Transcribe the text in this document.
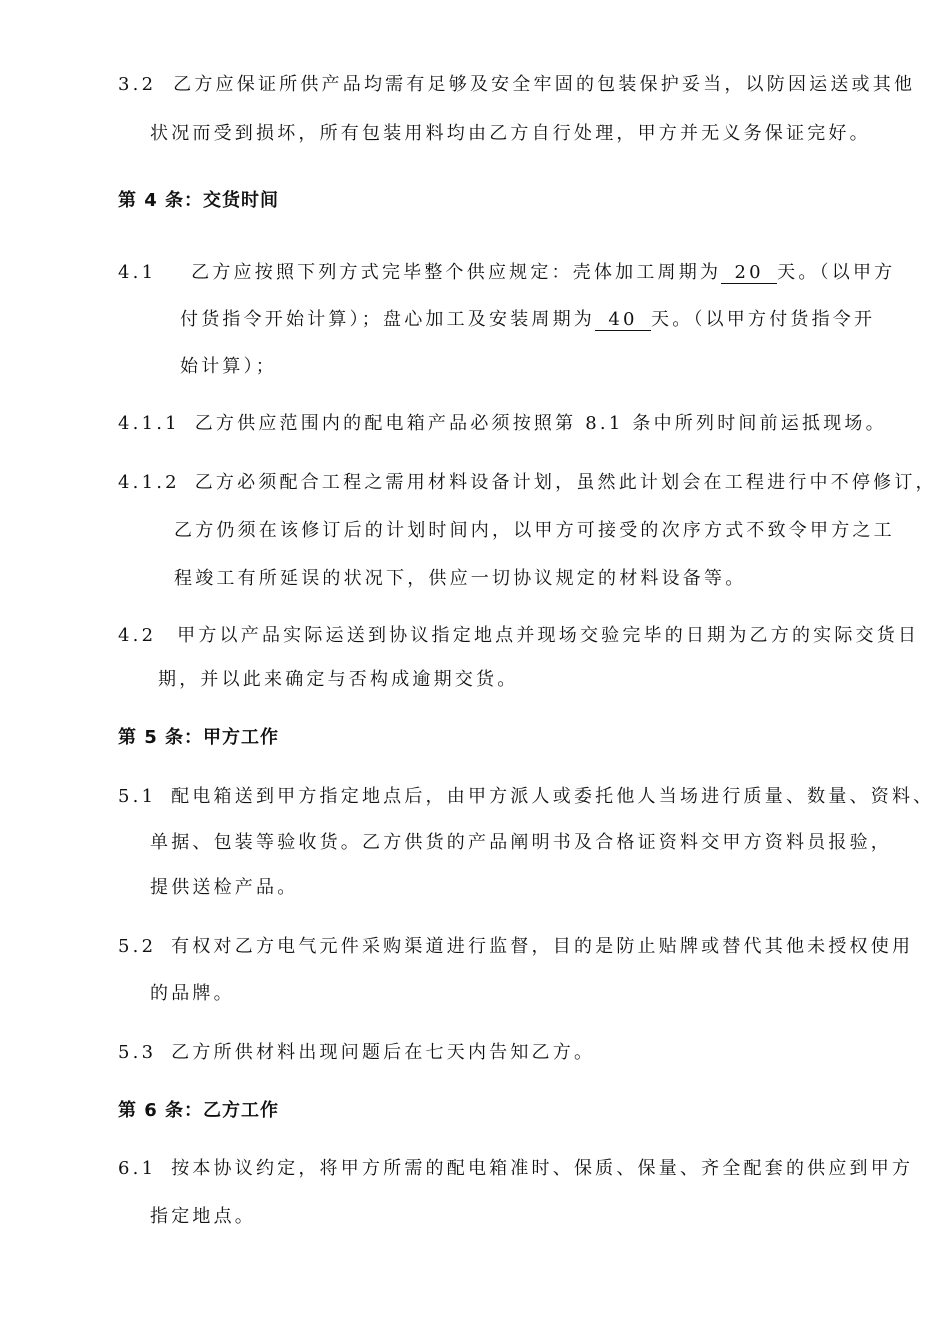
3.2 乙方应保证所供产品均需有足够及安全牢固的包装保护妥当，以防因运送或其他
状况而受到损坏，所有包装用料均由乙方自行处理，甲方并无义务保证完好。
第 4 条：交货时间
4.1 乙方应按照下列方式完毕整个供应规定：壳体加工周期为 20 天。（以甲方
付货指令开始计算）；盘心加工及安装周期为 40 天。（以甲方付货指令开
始计算）；
4.1.1 乙方供应范围内的配电箱产品必须按照第 8.1 条中所列时间前运抵现场。
4.1.2 乙方必须配合工程之需用材料设备计划，虽然此计划会在工程进行中不停修订，
乙方仍须在该修订后的计划时间内，以甲方可接受的次序方式不致令甲方之工
程竣工有所延误的状况下，供应一切协议规定的材料设备等。
4.2 甲方以产品实际运送到协议指定地点并现场交验完毕的日期为乙方的实际交货日
期，并以此来确定与否构成逾期交货。
第 5 条：甲方工作
5.1 配电箱送到甲方指定地点后，由甲方派人或委托他人当场进行质量、数量、资料、
单据、包装等验收货。乙方供货的产品阐明书及合格证资料交甲方资料员报验，
提供送检产品。
5.2 有权对乙方电气元件采购渠道进行监督，目的是防止贴牌或替代其他未授权使用
的品牌。
5.3 乙方所供材料出现问题后在七天内告知乙方。
第 6 条：乙方工作
6.1 按本协议约定，将甲方所需的配电箱准时、保质、保量、齐全配套的供应到甲方
指定地点。
